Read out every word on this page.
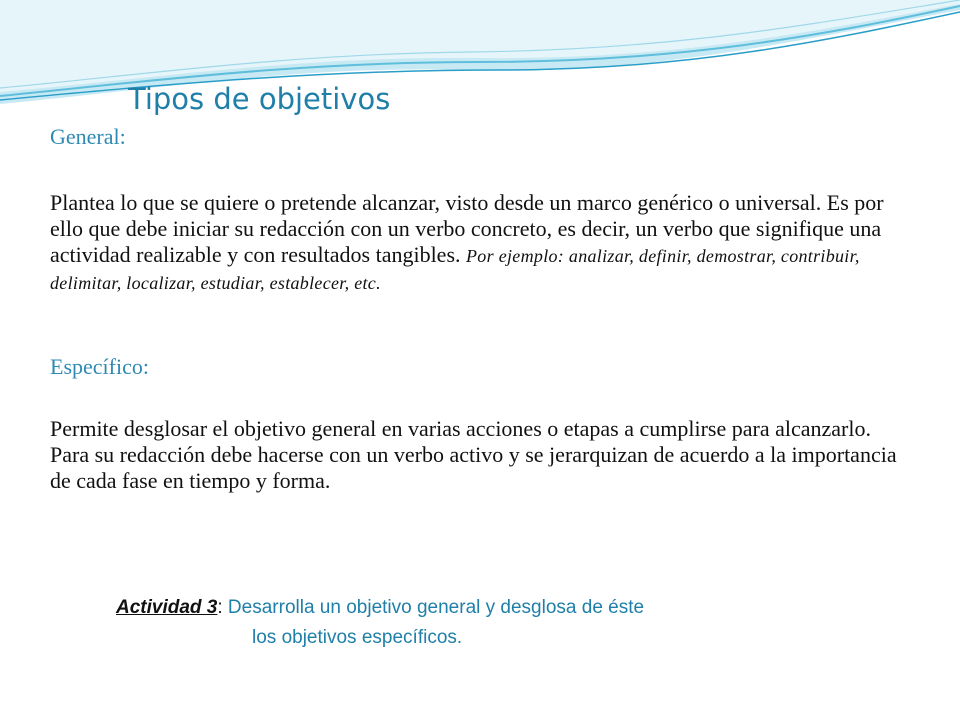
Tipos de objetivos
General:
Plantea lo que se quiere o pretende alcanzar, visto desde un marco genérico o universal. Es por ello que debe iniciar su redacción con un verbo concreto, es decir, un verbo que signifique una actividad realizable y con resultados tangibles. Por ejemplo: analizar, definir, demostrar, contribuir, delimitar, localizar, estudiar, establecer, etc.
Específico:
Permite desglosar el objetivo general en varias acciones o etapas a cumplirse para alcanzarlo. Para su redacción debe hacerse con un verbo activo y se jerarquizan de acuerdo a la importancia de cada fase en tiempo y forma.
Actividad 3: Desarrolla un objetivo general y desglosa de éste
los objetivos específicos.
